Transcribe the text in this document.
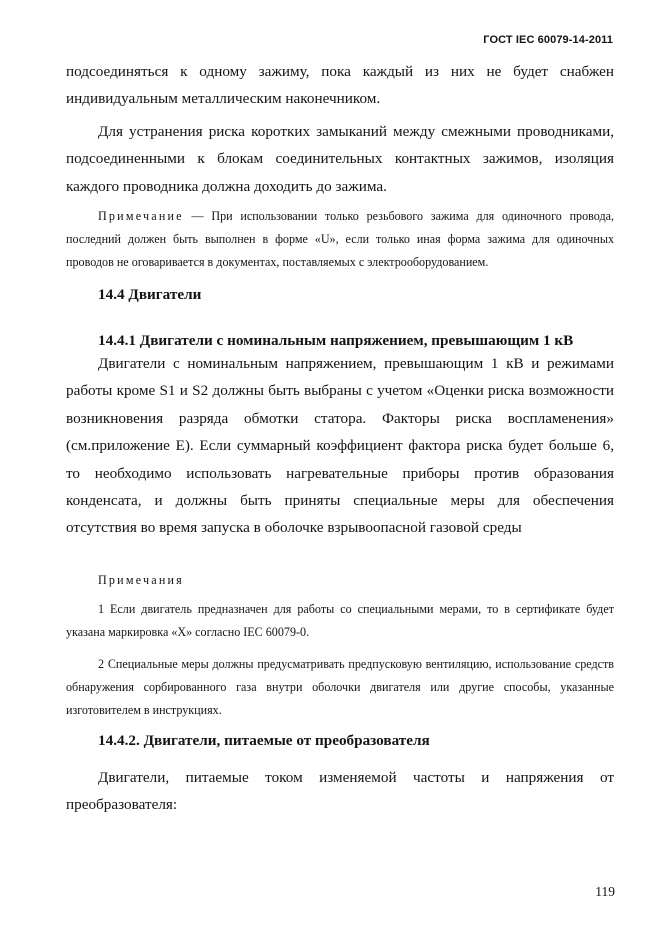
ГОСТ IEC 60079-14-2011

подсоединяться к одному зажиму, пока каждый из них не будет снабжен индивидуальным металлическим наконечником.

Для устранения риска коротких замыканий между смежными проводниками, подсоединенными к блокам соединительных контактных зажимов, изоляция каждого проводника должна доходить до зажима.

Примечание — При использовании только резьбового зажима для одиночного провода, последний должен быть выполнен в форме «U», если только иная форма зажима для одиночных проводов не оговаривается в документах, поставляемых с электрооборудованием.

14.4 Двигатели
14.4.1 Двигатели с номинальным напряжением, превышающим 1 кВ

Двигатели с номинальным напряжением, превышающим 1 кВ и режимами работы кроме S1 и S2 должны быть выбраны с учетом «Оценки риска возможности возникновения разряда обмотки статора. Факторы риска воспламенения» (см.приложение E). Если суммарный коэффициент фактора риска будет больше 6, то необходимо использовать нагревательные приборы против образования конденсата, и должны быть приняты специальные меры для обеспечения отсутствия во время запуска в оболочке взрывоопасной газовой среды

Примечания

1 Если двигатель предназначен для работы со специальными мерами, то в сертификате будет указана маркировка «X» согласно IEC 60079-0.

2 Специальные меры должны предусматривать предпусковую вентиляцию, использование средств обнаружения сорбированного газа внутри оболочки двигателя или другие способы, указанные изготовителем в инструкциях.

14.4.2. Двигатели, питаемые от преобразователя

Двигатели, питаемые током изменяемой частоты и напряжения от преобразователя:

119
